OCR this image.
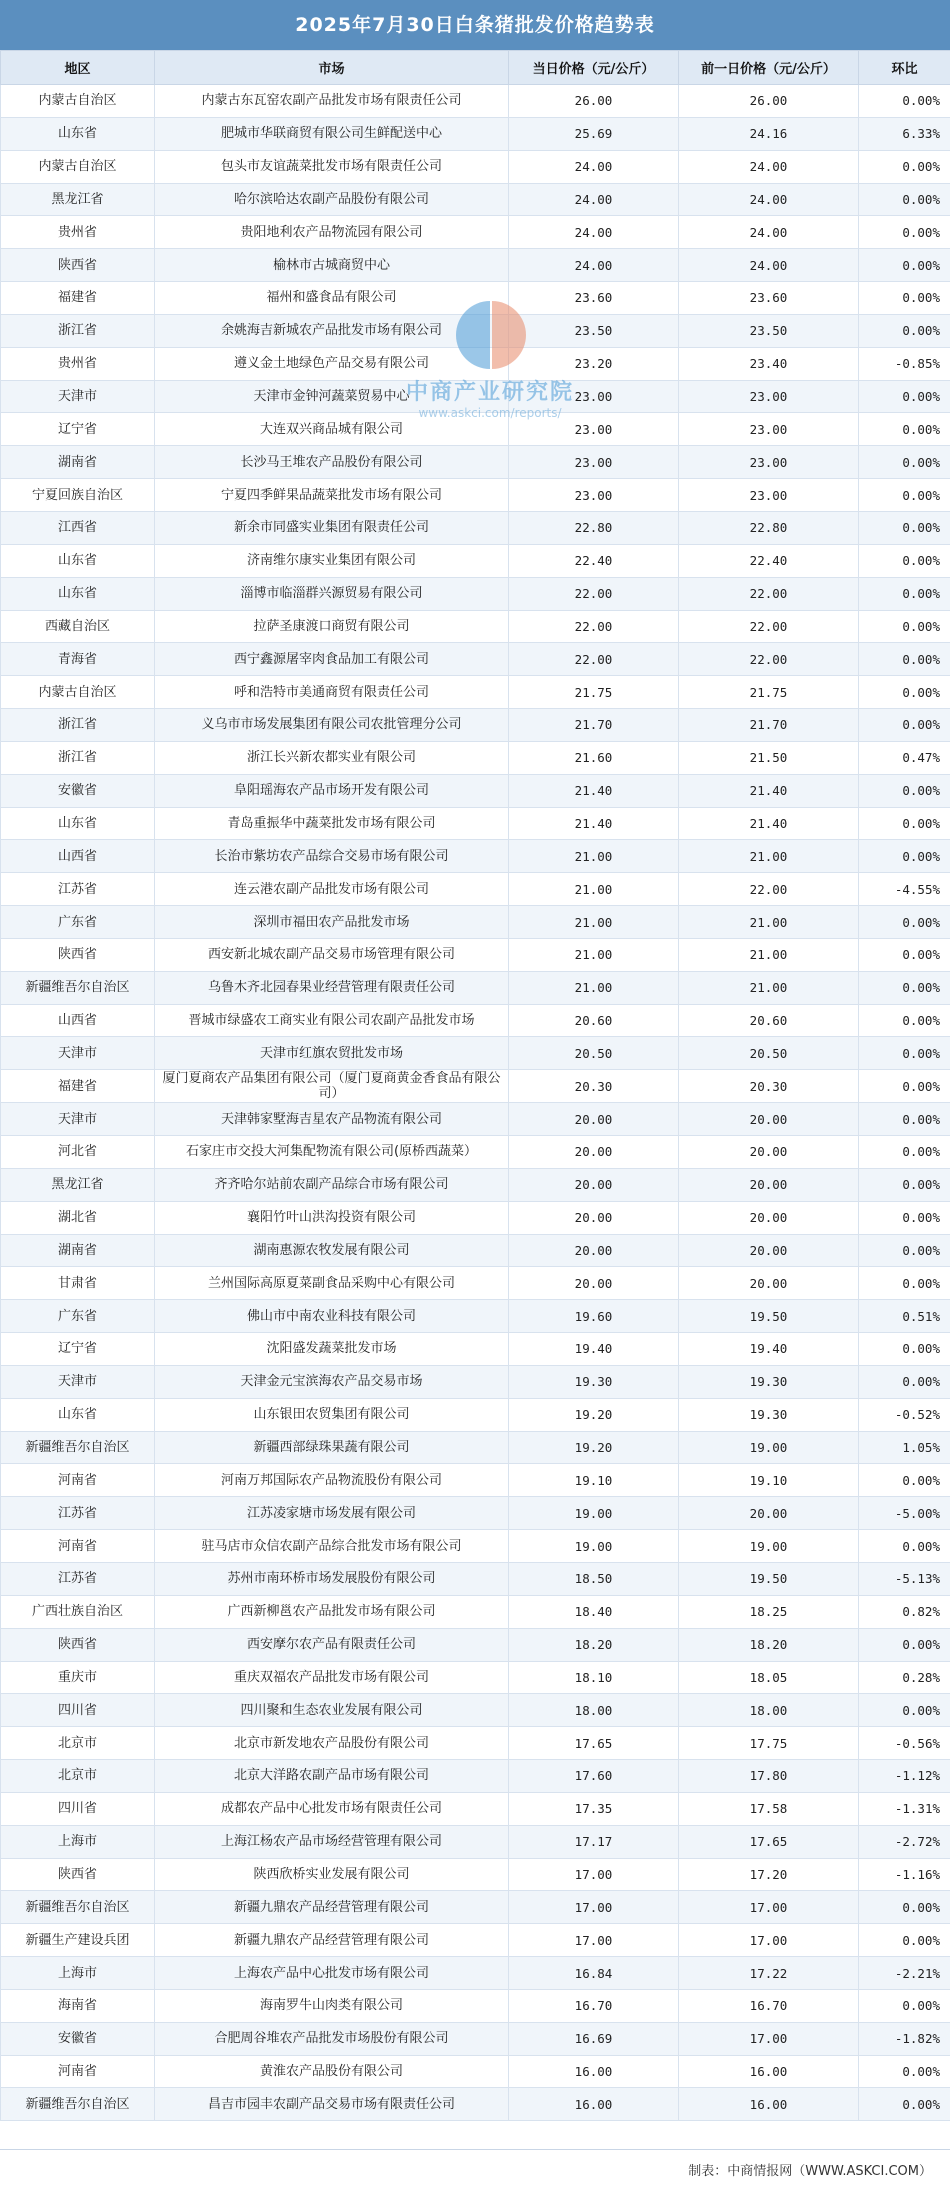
2025年7月30日白条猪批发价格趋势表
地区	市场	当日价格（元/公斤）	前一日价格（元/公斤）	环比
内蒙古自治区	内蒙古东瓦窑农副产品批发市场有限责任公司	26.00	26.00	0.00%
山东省	肥城市华联商贸有限公司生鲜配送中心	25.69	24.16	6.33%
内蒙古自治区	包头市友谊蔬菜批发市场有限责任公司	24.00	24.00	0.00%
黑龙江省	哈尔滨哈达农副产品股份有限公司	24.00	24.00	0.00%
贵州省	贵阳地利农产品物流园有限公司	24.00	24.00	0.00%
陕西省	榆林市古城商贸中心	24.00	24.00	0.00%
福建省	福州和盛食品有限公司	23.60	23.60	0.00%
浙江省	余姚海吉新城农产品批发市场有限公司	23.50	23.50	0.00%
贵州省	遵义金土地绿色产品交易有限公司	23.20	23.40	-0.85%
天津市	天津市金钟河蔬菜贸易中心	23.00	23.00	0.00%
辽宁省	大连双兴商品城有限公司	23.00	23.00	0.00%
湖南省	长沙马王堆农产品股份有限公司	23.00	23.00	0.00%
宁夏回族自治区	宁夏四季鲜果品蔬菜批发市场有限公司	23.00	23.00	0.00%
江西省	新余市同盛实业集团有限责任公司	22.80	22.80	0.00%
山东省	济南维尔康实业集团有限公司	22.40	22.40	0.00%
山东省	淄博市临淄群兴源贸易有限公司	22.00	22.00	0.00%
西藏自治区	拉萨圣康渡口商贸有限公司	22.00	22.00	0.00%
青海省	西宁鑫源屠宰肉食品加工有限公司	22.00	22.00	0.00%
内蒙古自治区	呼和浩特市美通商贸有限责任公司	21.75	21.75	0.00%
浙江省	义乌市市场发展集团有限公司农批管理分公司	21.70	21.70	0.00%
浙江省	浙江长兴新农都实业有限公司	21.60	21.50	0.47%
安徽省	阜阳瑶海农产品市场开发有限公司	21.40	21.40	0.00%
山东省	青岛重振华中蔬菜批发市场有限公司	21.40	21.40	0.00%
山西省	长治市紫坊农产品综合交易市场有限公司	21.00	21.00	0.00%
江苏省	连云港农副产品批发市场有限公司	21.00	22.00	-4.55%
广东省	深圳市福田农产品批发市场	21.00	21.00	0.00%
陕西省	西安新北城农副产品交易市场管理有限公司	21.00	21.00	0.00%
新疆维吾尔自治区	乌鲁木齐北园春果业经营管理有限责任公司	21.00	21.00	0.00%
山西省	晋城市绿盛农工商实业有限公司农副产品批发市场	20.60	20.60	0.00%
天津市	天津市红旗农贸批发市场	20.50	20.50	0.00%
福建省	厦门夏商农产品集团有限公司（厦门夏商黄金香食品有限公司）	20.30	20.30	0.00%
天津市	天津韩家墅海吉星农产品物流有限公司	20.00	20.00	0.00%
河北省	石家庄市交投大河集配物流有限公司(原桥西蔬菜）	20.00	20.00	0.00%
黑龙江省	齐齐哈尔站前农副产品综合市场有限公司	20.00	20.00	0.00%
湖北省	襄阳竹叶山洪沟投资有限公司	20.00	20.00	0.00%
湖南省	湖南惠源农牧发展有限公司	20.00	20.00	0.00%
甘肃省	兰州国际高原夏菜副食品采购中心有限公司	20.00	20.00	0.00%
广东省	佛山市中南农业科技有限公司	19.60	19.50	0.51%
辽宁省	沈阳盛发蔬菜批发市场	19.40	19.40	0.00%
天津市	天津金元宝滨海农产品交易市场	19.30	19.30	0.00%
山东省	山东银田农贸集团有限公司	19.20	19.30	-0.52%
新疆维吾尔自治区	新疆西部绿珠果蔬有限公司	19.20	19.00	1.05%
河南省	河南万邦国际农产品物流股份有限公司	19.10	19.10	0.00%
江苏省	江苏凌家塘市场发展有限公司	19.00	20.00	-5.00%
河南省	驻马店市众信农副产品综合批发市场有限公司	19.00	19.00	0.00%
江苏省	苏州市南环桥市场发展股份有限公司	18.50	19.50	-5.13%
广西壮族自治区	广西新柳邕农产品批发市场有限公司	18.40	18.25	0.82%
陕西省	西安摩尔农产品有限责任公司	18.20	18.20	0.00%
重庆市	重庆双福农产品批发市场有限公司	18.10	18.05	0.28%
四川省	四川聚和生态农业发展有限公司	18.00	18.00	0.00%
北京市	北京市新发地农产品股份有限公司	17.65	17.75	-0.56%
北京市	北京大洋路农副产品市场有限公司	17.60	17.80	-1.12%
四川省	成都农产品中心批发市场有限责任公司	17.35	17.58	-1.31%
上海市	上海江杨农产品市场经营管理有限公司	17.17	17.65	-2.72%
陕西省	陕西欣桥实业发展有限公司	17.00	17.20	-1.16%
新疆维吾尔自治区	新疆九鼎农产品经营管理有限公司	17.00	17.00	0.00%
新疆生产建设兵团	新疆九鼎农产品经营管理有限公司	17.00	17.00	0.00%
上海市	上海农产品中心批发市场有限公司	16.84	17.22	-2.21%
海南省	海南罗牛山肉类有限公司	16.70	16.70	0.00%
安徽省	合肥周谷堆农产品批发市场股份有限公司	16.69	17.00	-1.82%
河南省	黄淮农产品股份有限公司	16.00	16.00	0.00%
新疆维吾尔自治区	昌吉市园丰农副产品交易市场有限责任公司	16.00	16.00	0.00%
中商产业研究院
www.askci.com/reports/
制表：中商情报网（WWW.ASKCI.COM）
